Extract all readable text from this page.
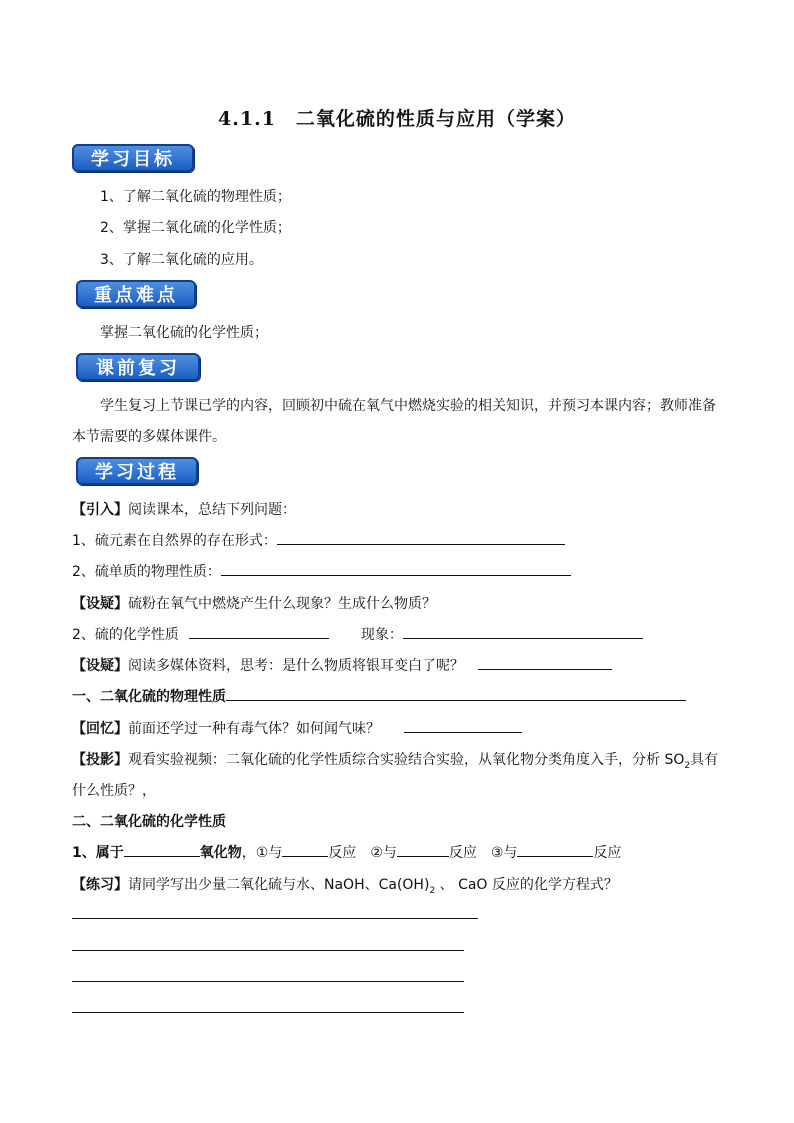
4.1.1　二氧化硫的性质与应用（学案）
学习目标
1、了解二氧化硫的物理性质；
2、掌握二氧化硫的化学性质；
3、了解二氧化硫的应用。
重点难点
掌握二氧化硫的化学性质；
课前复习
学生复习上节课已学的内容，回顾初中硫在氧气中燃烧实验的相关知识，并预习本课内容；教师准备
本节需要的多媒体课件。
学习过程
【引入】阅读课本，总结下列问题：
1、硫元素在自然界的存在形式：
2、硫单质的物理性质：
【设疑】硫粉在氧气中燃烧产生什么现象？生成什么物质？
2、硫的化学性质	现象：
【设疑】阅读多媒体资料，思考：是什么物质将银耳变白了呢？
一、二氧化硫的物理性质
【回忆】前面还学过一种有毒气体？如何闻气味？
【投影】观看实验视频：二氧化硫的化学性质综合实验结合实验，从氧化物分类角度入手，分析 $SO_2$具有
什么性质？，
二、二氧化硫的化学性质
1、属于	氧化物，①与	反应 ②与	反应 ③与	反应
【练习】请同学写出少量二氧化硫与水、NaOH、$Ca(OH)_2$ 、 CaO 反应的化学方程式？
